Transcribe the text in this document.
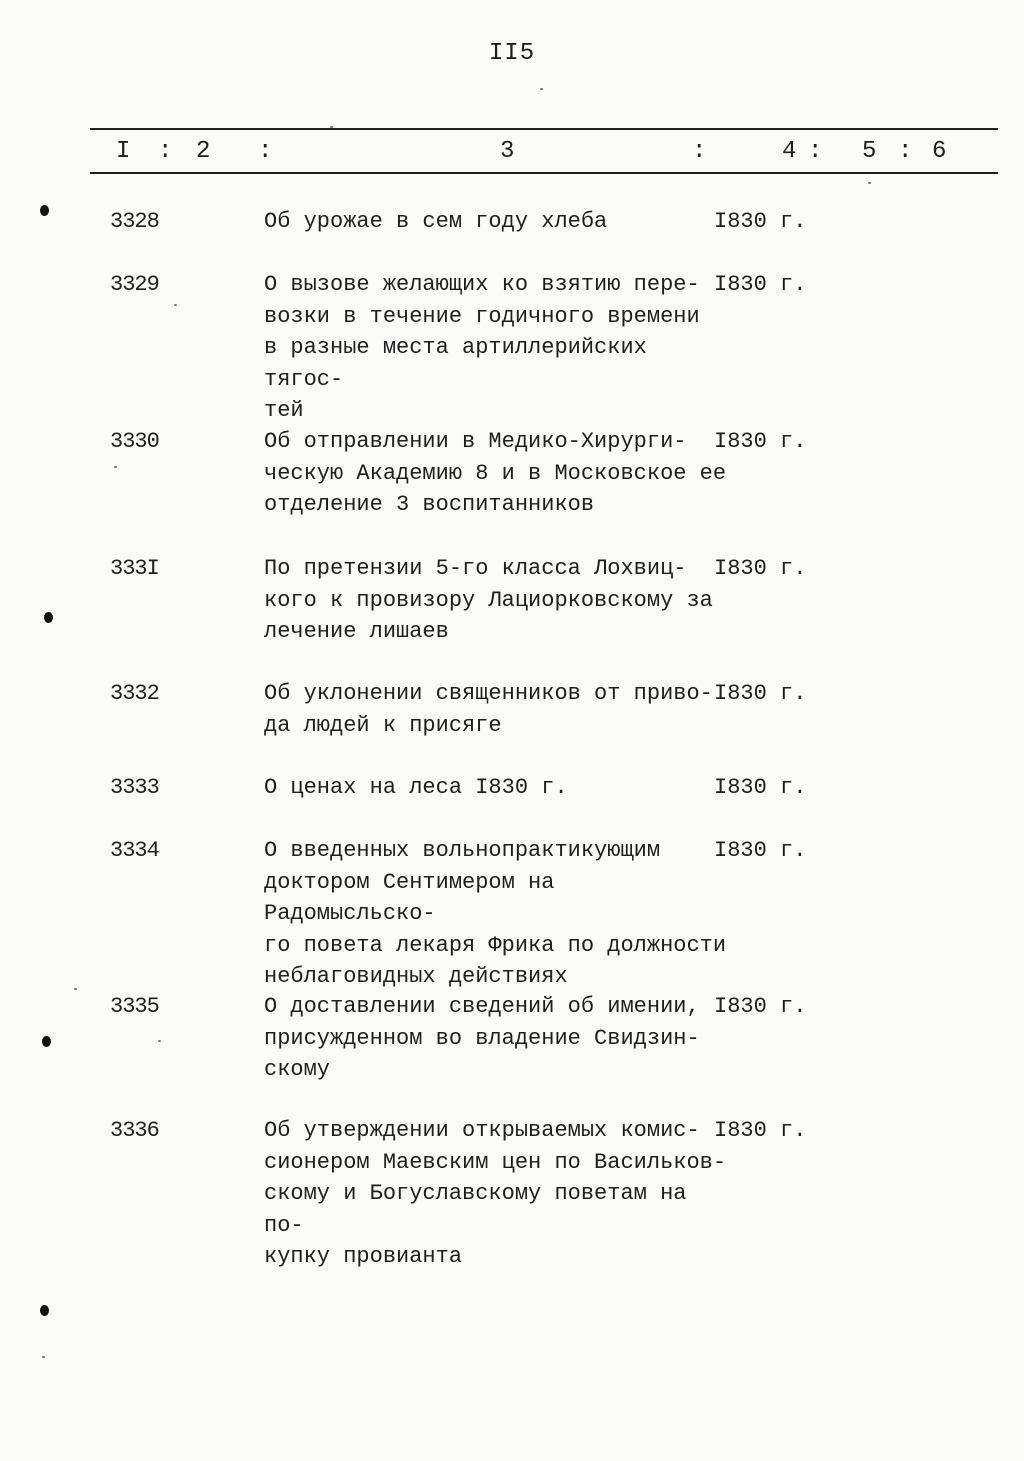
II5
I : 2 :	3	:	4 : 5 : 6
3328	Об урожае в сем году хлеба	I830 г.
3329	О вызове желающих ко взятию пере-
возки в течение годичного времени
в разные места артиллерийских тягос-
тей
I830 г.
3330	Об отправлении в Медико-Хирурги-
ческую Академию 8 и в Московское ее
отделение 3 воспитанников
I830 г.
333I	По претензии 5-го класса Лохвиц-
кого к провизору Лациорковскому за
лечение лишаев
I830 г.
3332	Об уклонении священников от приво-
да людей к присяге
I830 г.
3333	О ценах на леса I830 г.	I830 г.
3334	О введенных вольнопрактикующим
доктором Сентимером на Радомысльско-
го повета лекаря Фрика по должности
неблаговидных действиях
I830 г.
3335	О доставлении сведений об имении,
присужденном во владение Свидзин-
скому
I830 г.
3336	Об утверждении открываемых комис-
сионером Маевским цен по Васильков-
скому и Богуславскому поветам на по-
купку провианта
I830 г.
